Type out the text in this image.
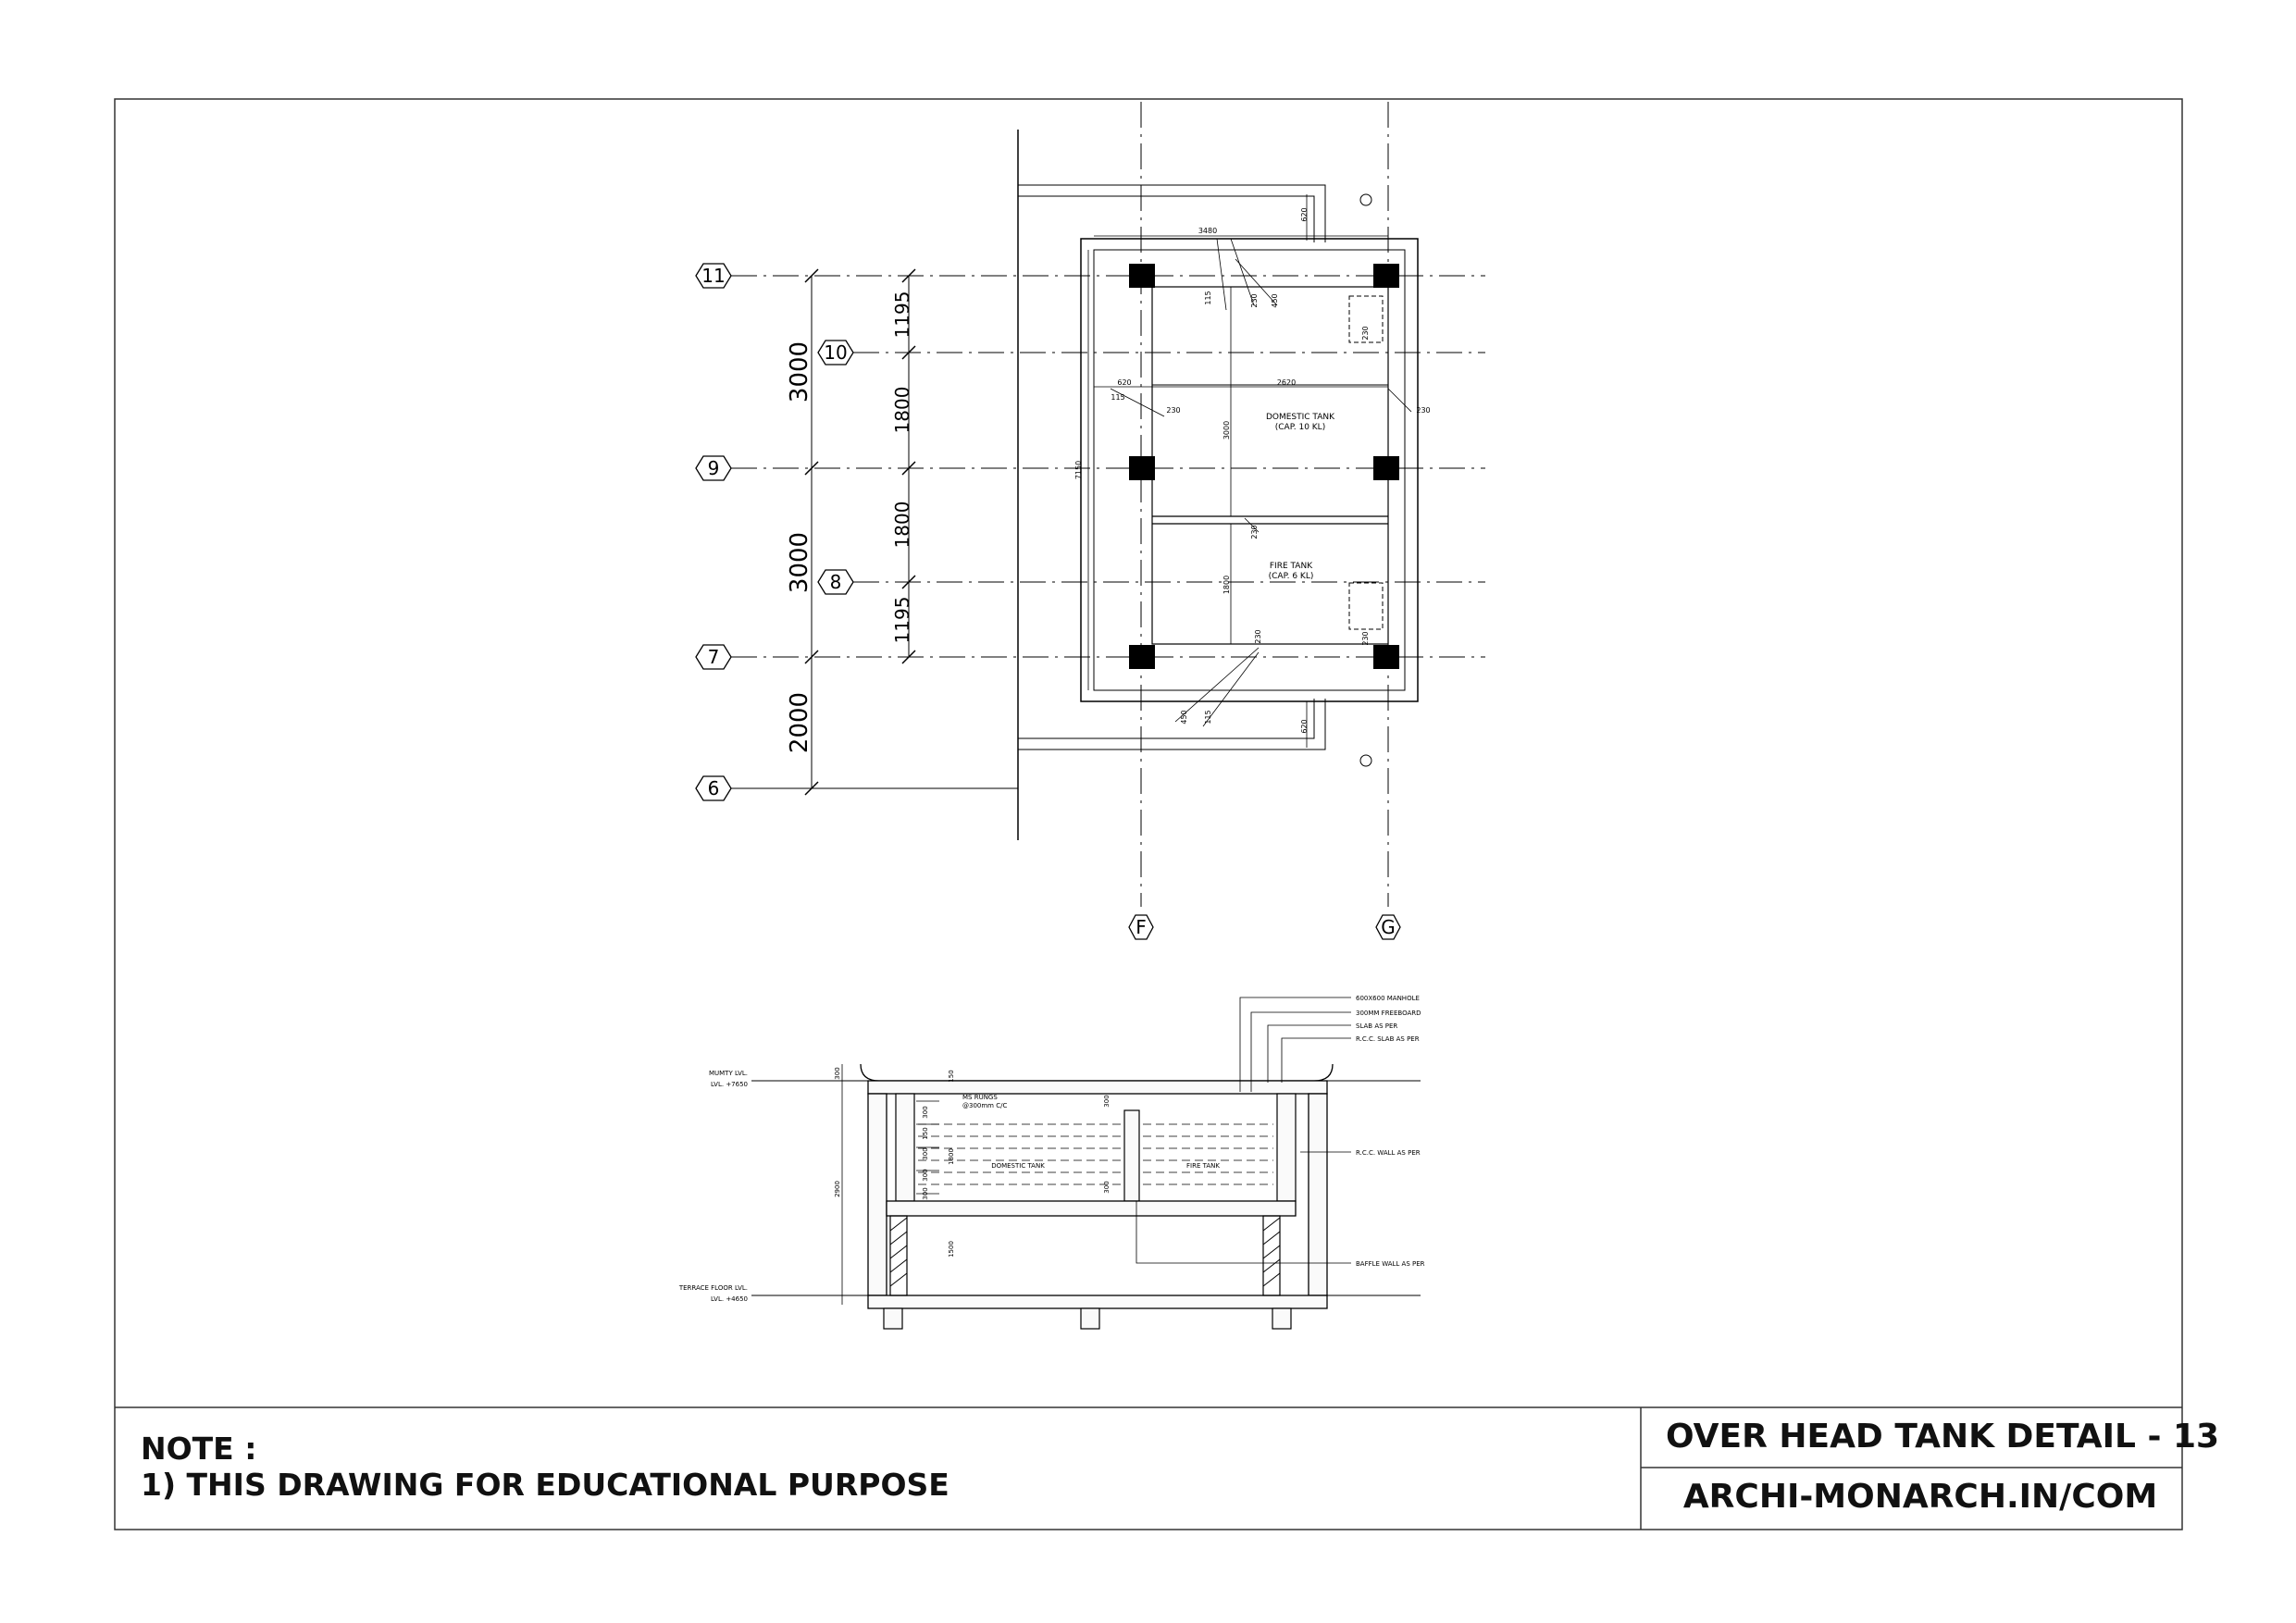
11
10
9
8
7
6
F	G
3000
3000
2000
1195
1800
1800
1195
3480
2620
7150
620
115
230	230
450
230
115
230
230
450 115
620
620
3000
1800
230
230
DOMESTIC TANK
(CAP. 10 KL)
FIRE TANK
(CAP. 6 KL)
600X600 MANHOLE
300MM FREEBOARD
SLAB AS PER
R.C.C. SLAB AS PER
R.C.C. WALL AS PER
BAFFLE WALL AS PER
MUMTY LVL.
LVL. +7650
TERRACE FLOOR LVL.
LVL. +4650
DOMESTIC TANK	FIRE TANK
MS RUNGS
@300mm C/C
300
2900
300
150
300
300
300
150
1800
1500
300
300
NOTE :
1) THIS DRAWING FOR EDUCATIONAL PURPOSE
OVER HEAD TANK DETAIL - 13
ARCHI-MONARCH.IN/COM
